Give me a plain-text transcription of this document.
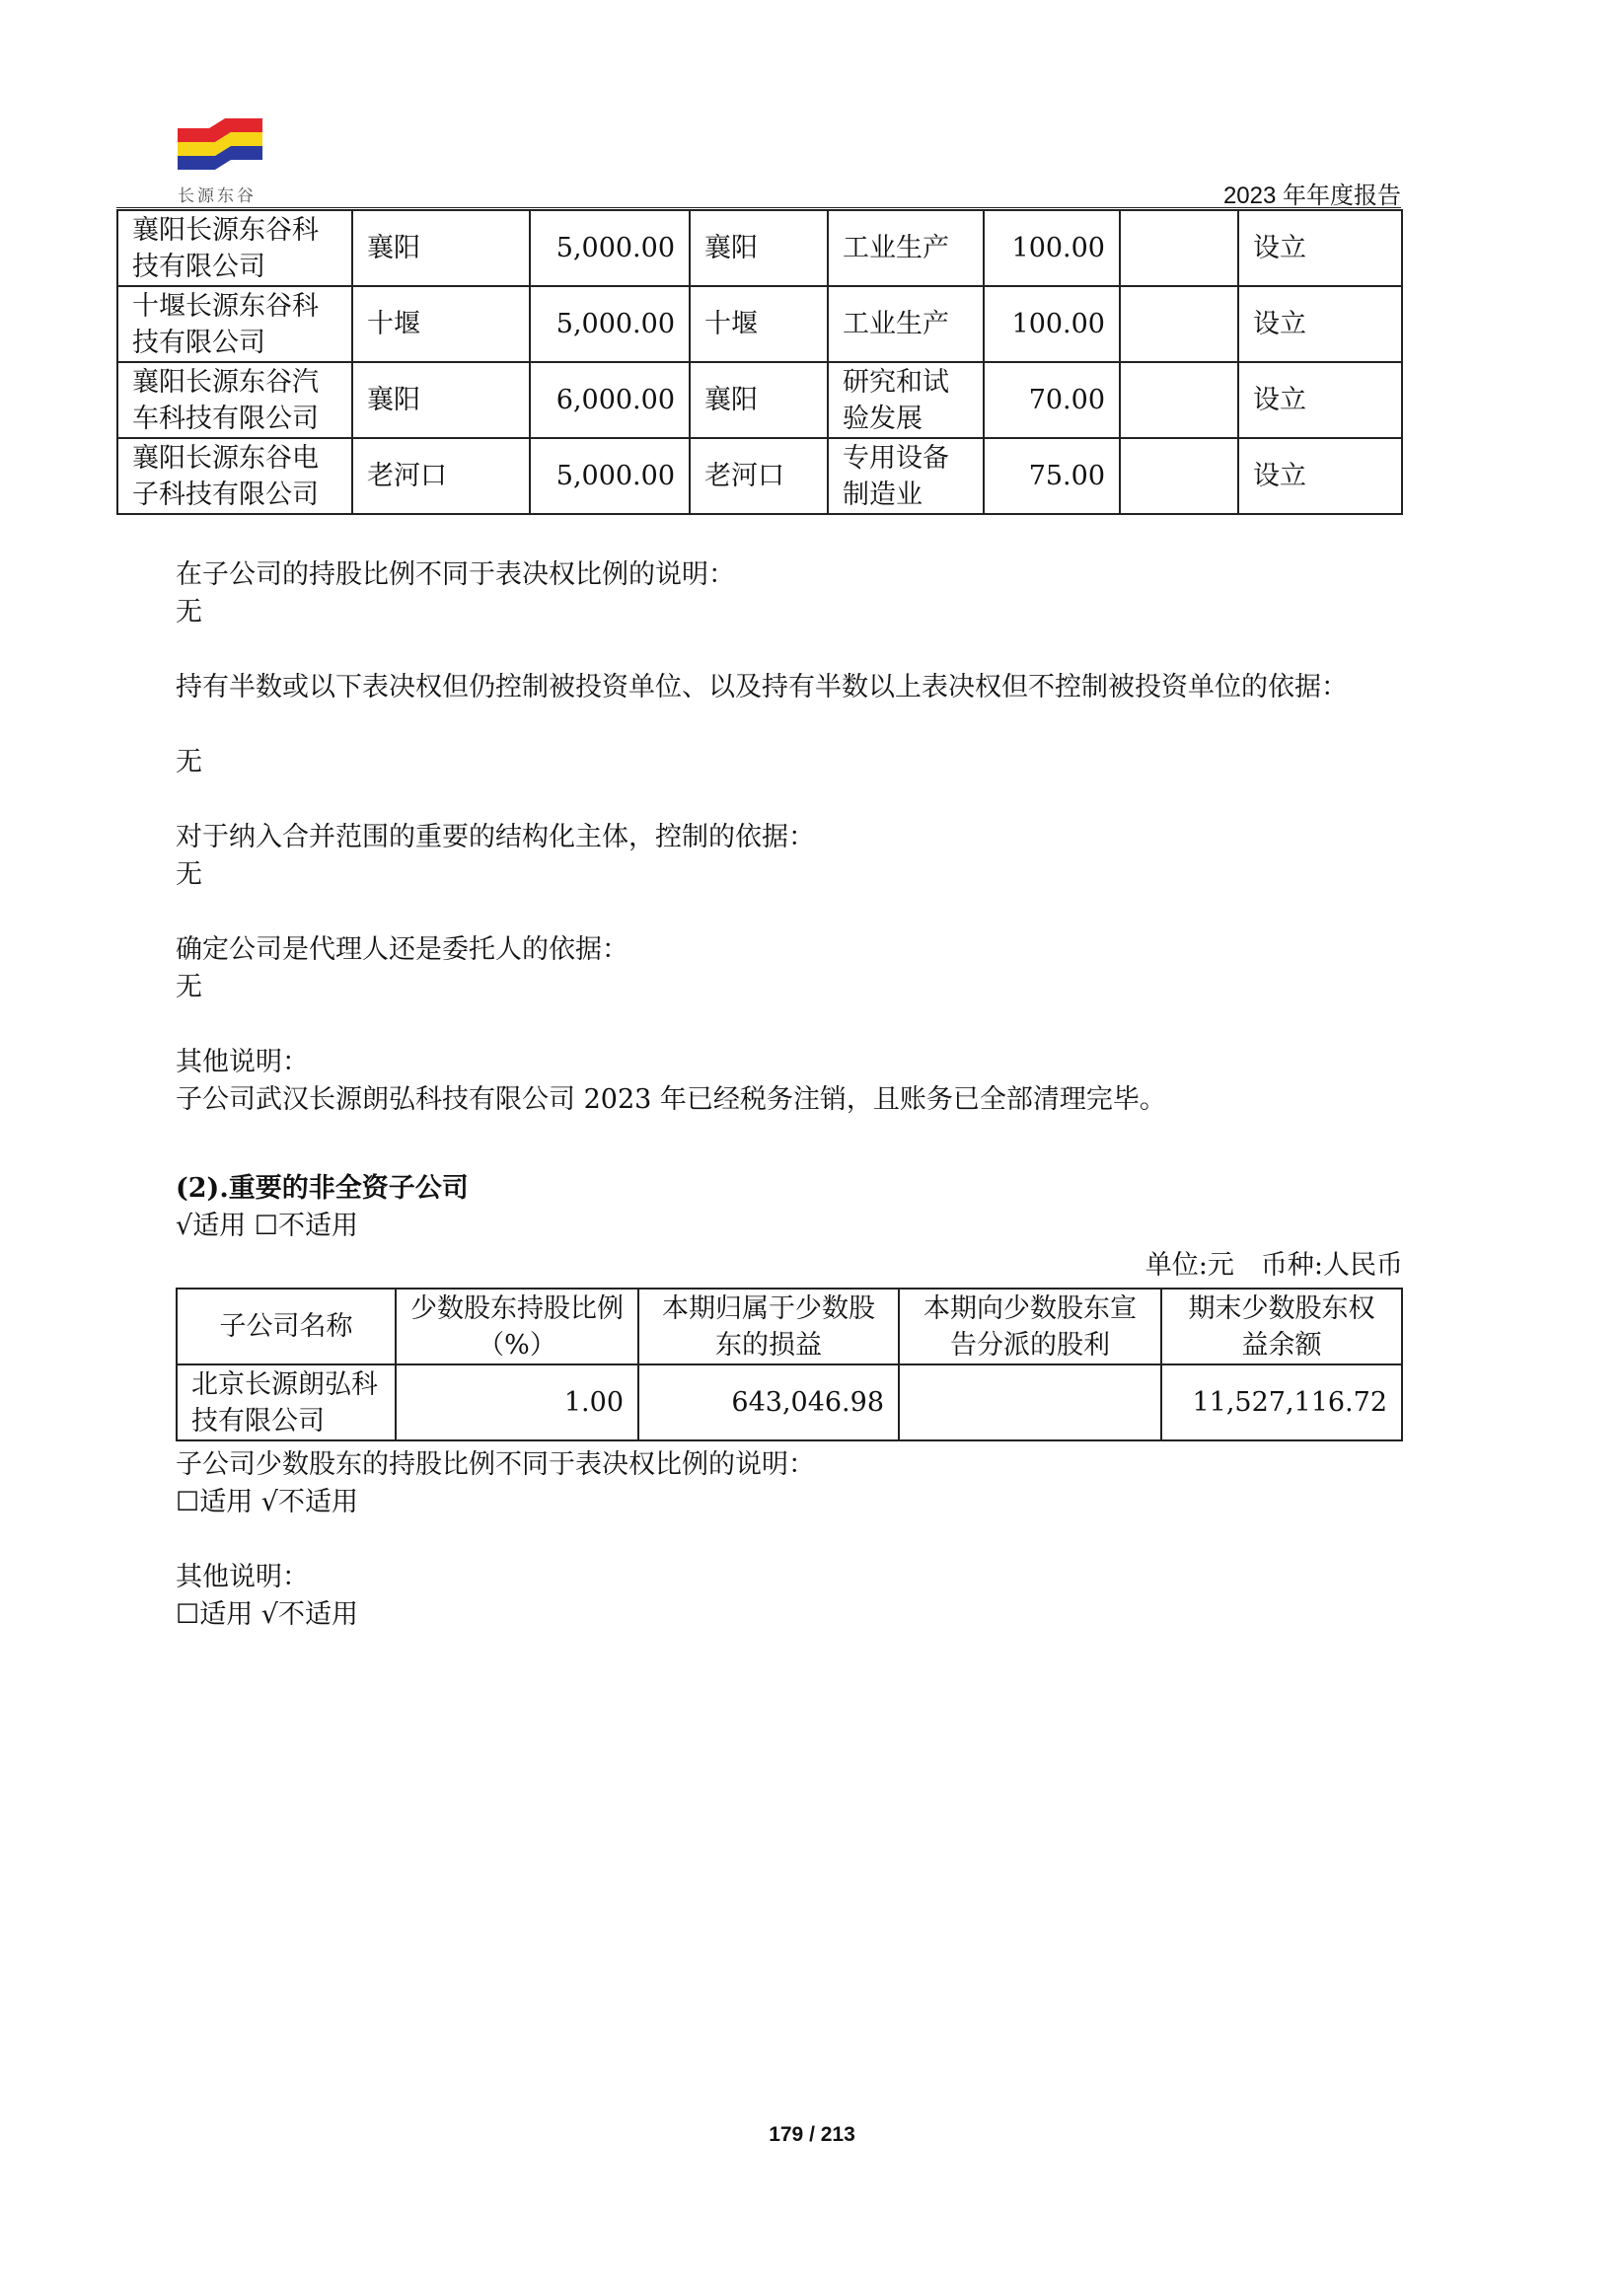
长源东谷	2023 年年度报告
襄阳长源东谷科技有限公司	襄阳	5,000.00	襄阳	工业生产	100.00		设立
十堰长源东谷科技有限公司	十堰	5,000.00	十堰	工业生产	100.00		设立
襄阳长源东谷汽车科技有限公司	襄阳	6,000.00	襄阳	研究和试验发展	70.00		设立
襄阳长源东谷电子科技有限公司	老河口	5,000.00	老河口	专用设备制造业	75.00		设立
在子公司的持股比例不同于表决权比例的说明：
无
持有半数或以下表决权但仍控制被投资单位、以及持有半数以上表决权但不控制被投资单位的依据：
无
对于纳入合并范围的重要的结构化主体，控制的依据：
无
确定公司是代理人还是委托人的依据：
无
其他说明：
子公司武汉长源朗弘科技有限公司 2023 年已经税务注销，且账务已全部清理完毕。
(2).重要的非全资子公司
√适用 ☐不适用
单位:元　币种:人民币
子公司名称	少数股东持股比例（%）	本期归属于少数股东的损益	本期向少数股东宣告分派的股利	期末少数股东权益余额
北京长源朗弘科技有限公司	1.00	643,046.98		11,527,116.72
子公司少数股东的持股比例不同于表决权比例的说明：
☐适用 √不适用
其他说明：
☐适用 √不适用
179 / 213
